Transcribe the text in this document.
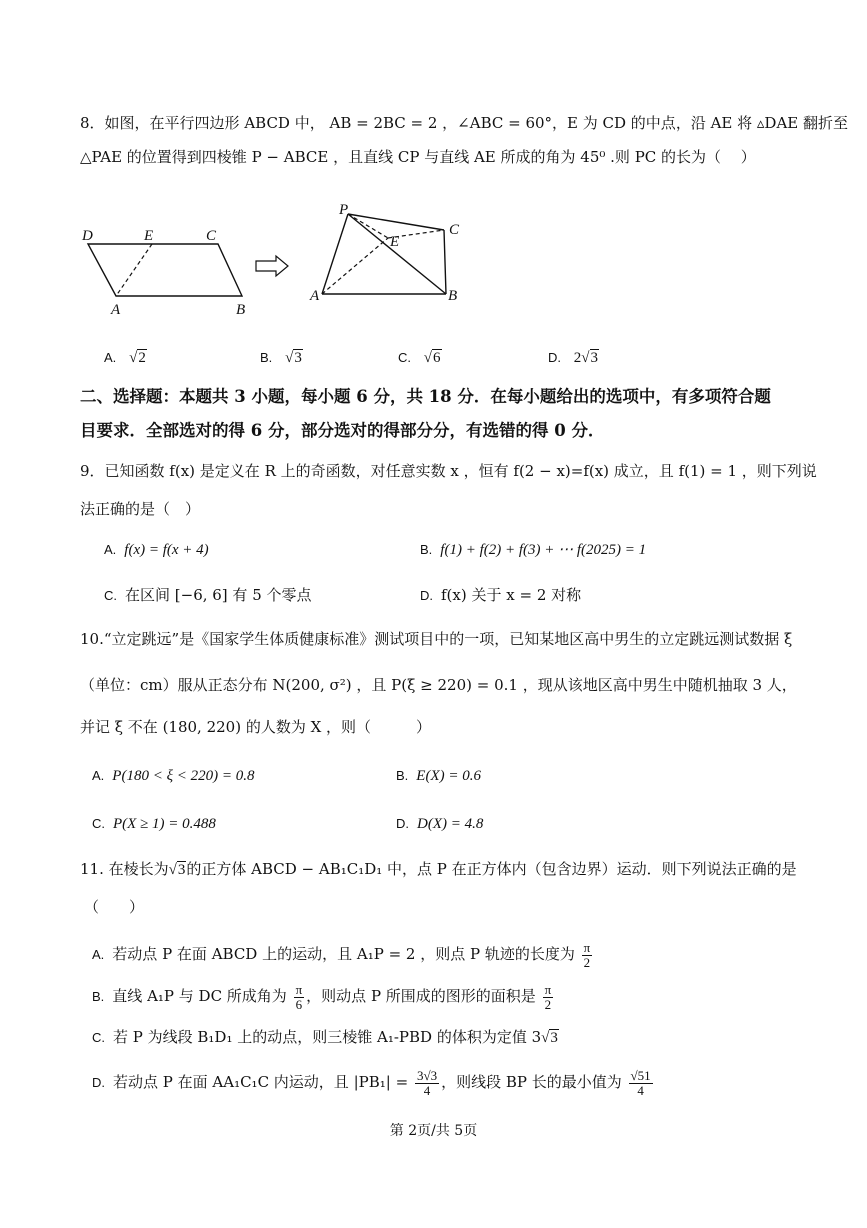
8．如图，在平行四边形 ABCD 中， AB = 2BC = 2 ，∠ABC = 60°，E 为 CD 的中点，沿 AE 将 ▵DAE 翻折至
△PAE 的位置得到四棱锥 P − ABCE ，且直线 CP 与直线 AE 所成的角为 45⁰ .则 PC 的长为（　 ）
D	E	C
A	B
P
E
C
A	B
A. √2	B. √3	C. √6	D. 2√3
二、选择题：本题共 3 小题，每小题 6 分，共 18 分．在每小题给出的选项中，有多项符合题
目要求．全部选对的得 6 分，部分选对的得部分分，有选错的得 0 分．
9．已知函数 f(x) 是定义在 R 上的奇函数，对任意实数 x ，恒有 f(2 − x)=f(x) 成立，且 f(1) = 1 ，则下列说
法正确的是（　）
A. f(x) = f(x + 4)	B. f(1) + f(2) + f(3) + ⋯ f(2025) = 1
C. 在区间 [−6, 6] 有 5 个零点	D. f(x) 关于 x = 2 对称
10.“立定跳远”是《国家学生体质健康标准》测试项目中的一项，已知某地区高中男生的立定跳远测试数据 ξ
（单位：cm）服从正态分布 N(200, σ²) ，且 P(ξ ≥ 220) = 0.1 ，现从该地区高中男生中随机抽取 3 人，
并记 ξ 不在 (180, 220) 的人数为 X ，则（　　　）
A. P(180 < ξ < 220) = 0.8	B. E(X) = 0.6
C. P(X ≥ 1) = 0.488	D. D(X) = 4.8
11. 在棱长为√3的正方体 ABCD − AB₁C₁D₁ 中，点 P 在正方体内（包含边界）运动．则下列说法正确的是
（　　）
A. 若动点 P 在面 ABCD 上的运动，且 A₁P = 2 ，则点 P 轨迹的长度为 $\frac{\pi}{2}$
B. 直线 A₁P 与 DC 所成角为 $\frac{\pi}{6}$ ，则动点 P 所围成的图形的面积是 $\frac{\pi}{2}$
C. 若 P 为线段 B₁D₁ 上的动点，则三棱锥 A₁-PBD 的体积为定值 3√3
D. 若动点 P 在面 AA₁C₁C 内运动，且 $|PB_1| = \frac{3√3}{4}$ ，则线段 BP 长的最小值为 $\frac{√51}{4}$
第 2页/共 5页
